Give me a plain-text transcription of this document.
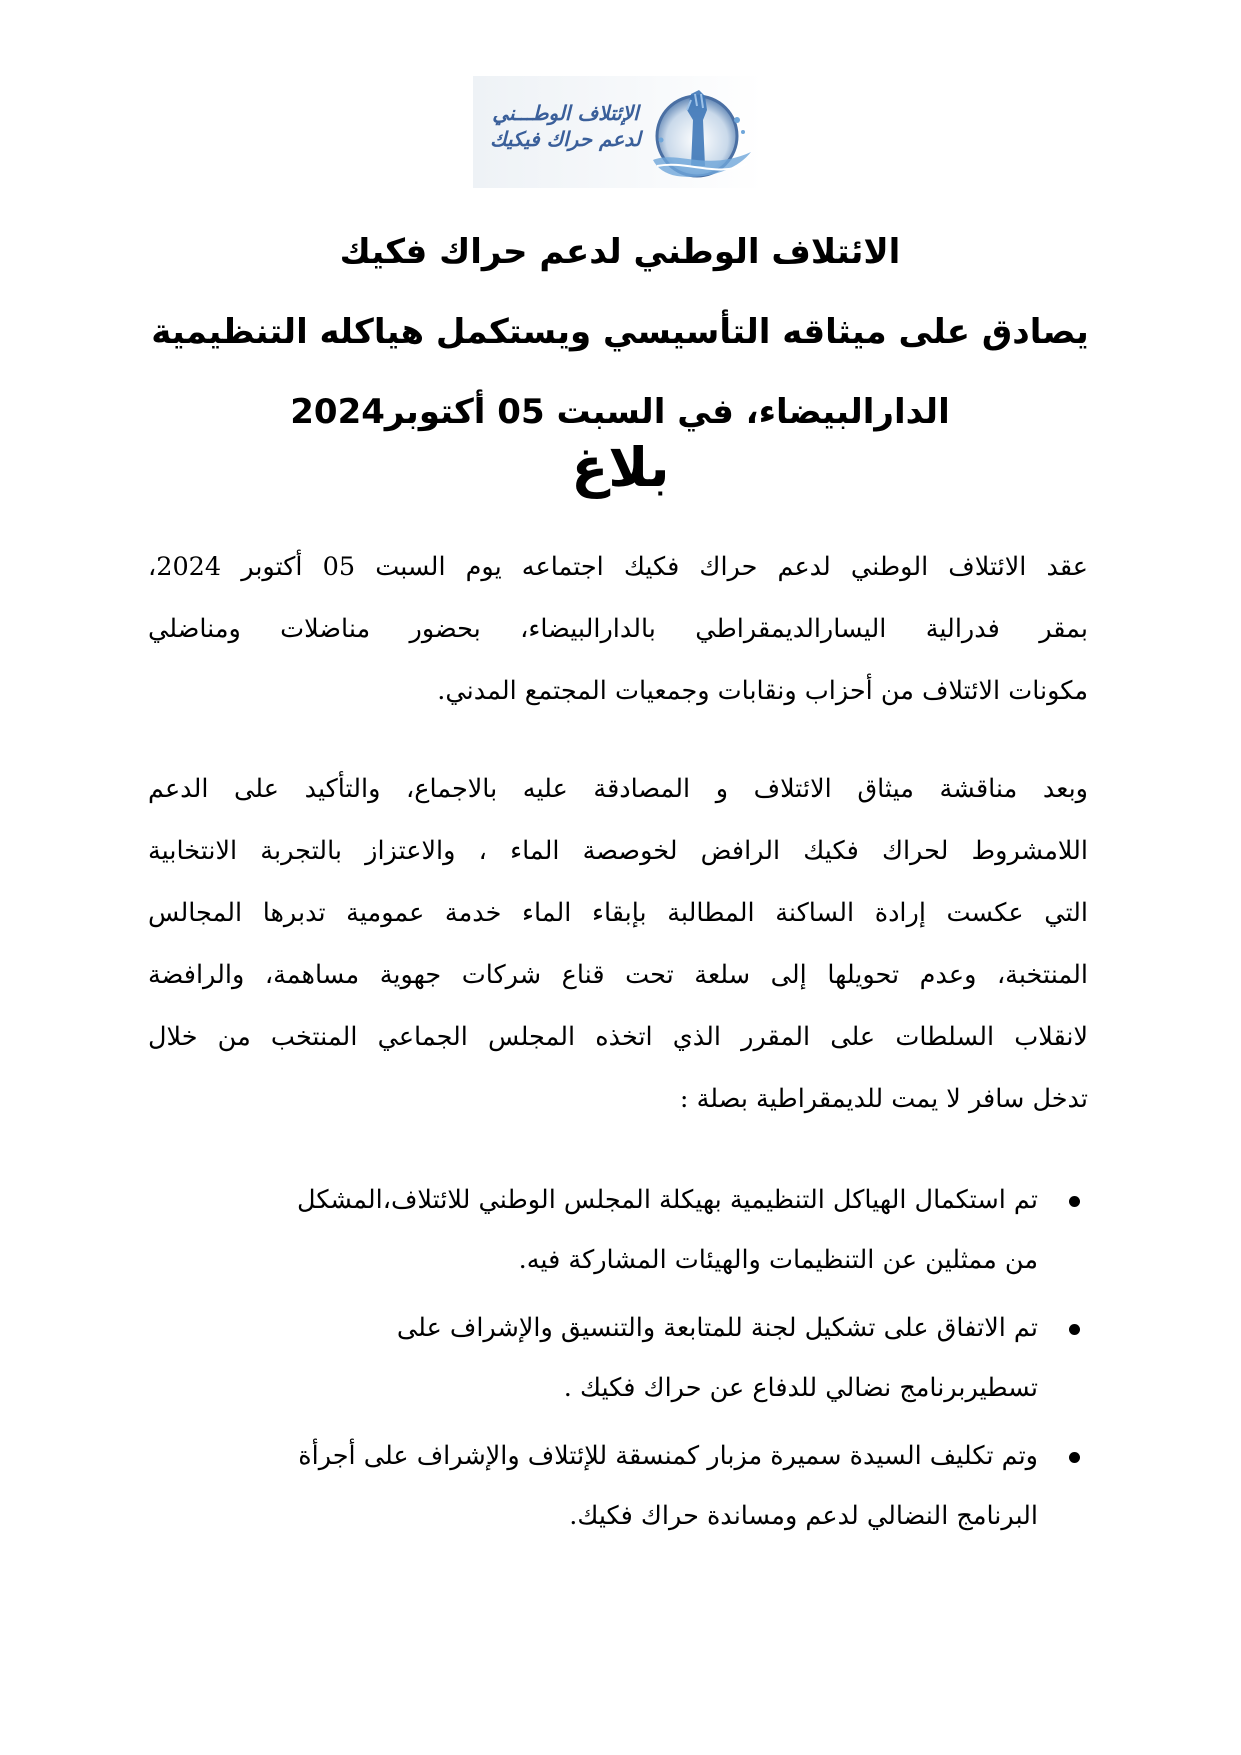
الإئتلاف الوطـــني
لدعم حراك فيكيك

الائتلاف الوطني لدعم حراك فكيك

يصادق على ميثاقه التأسيسي ويستكمل هياكله التنظيمية

الدارالبيضاء، في السبت 05 أكتوبر2024

بلاغ

عقد الائتلاف الوطني لدعم حراك فكيك اجتماعه يوم السبت 05 أكتوبر 2024،
بمقر فدرالية اليسارالديمقراطي بالدارالبيضاء، بحضور مناضلات ومناضلي
مكونات الائتلاف من أحزاب ونقابات وجمعيات المجتمع المدني.
وبعد مناقشة ميثاق الائتلاف و المصادقة عليه بالاجماع، والتأكيد على الدعم
اللامشروط لحراك فكيك الرافض لخوصصة الماء ، والاعتزاز بالتجربة الانتخابية
التي عكست إرادة الساكنة المطالبة بإبقاء الماء خدمة عمومية تدبرها المجالس
المنتخبة، وعدم تحويلها إلى سلعة تحت قناع شركات جهوية مساهمة، والرافضة
لانقلاب السلطات على المقرر الذي اتخذه المجلس الجماعي المنتخب من خلال
تدخل سافر لا يمت للديمقراطية بصلة :
تم استكمال الهياكل التنظيمية بهيكلة المجلس الوطني للائتلاف،المشكل
من ممثلين عن التنظيمات والهيئات المشاركة فيه.
تم الاتفاق على تشكيل لجنة للمتابعة والتنسيق والإشراف على
تسطيربرنامج نضالي للدفاع عن حراك فكيك .
وتم تكليف السيدة سميرة مزبار كمنسقة للإئتلاف والإشراف على أجرأة
البرنامج النضالي لدعم ومساندة حراك فكيك.
